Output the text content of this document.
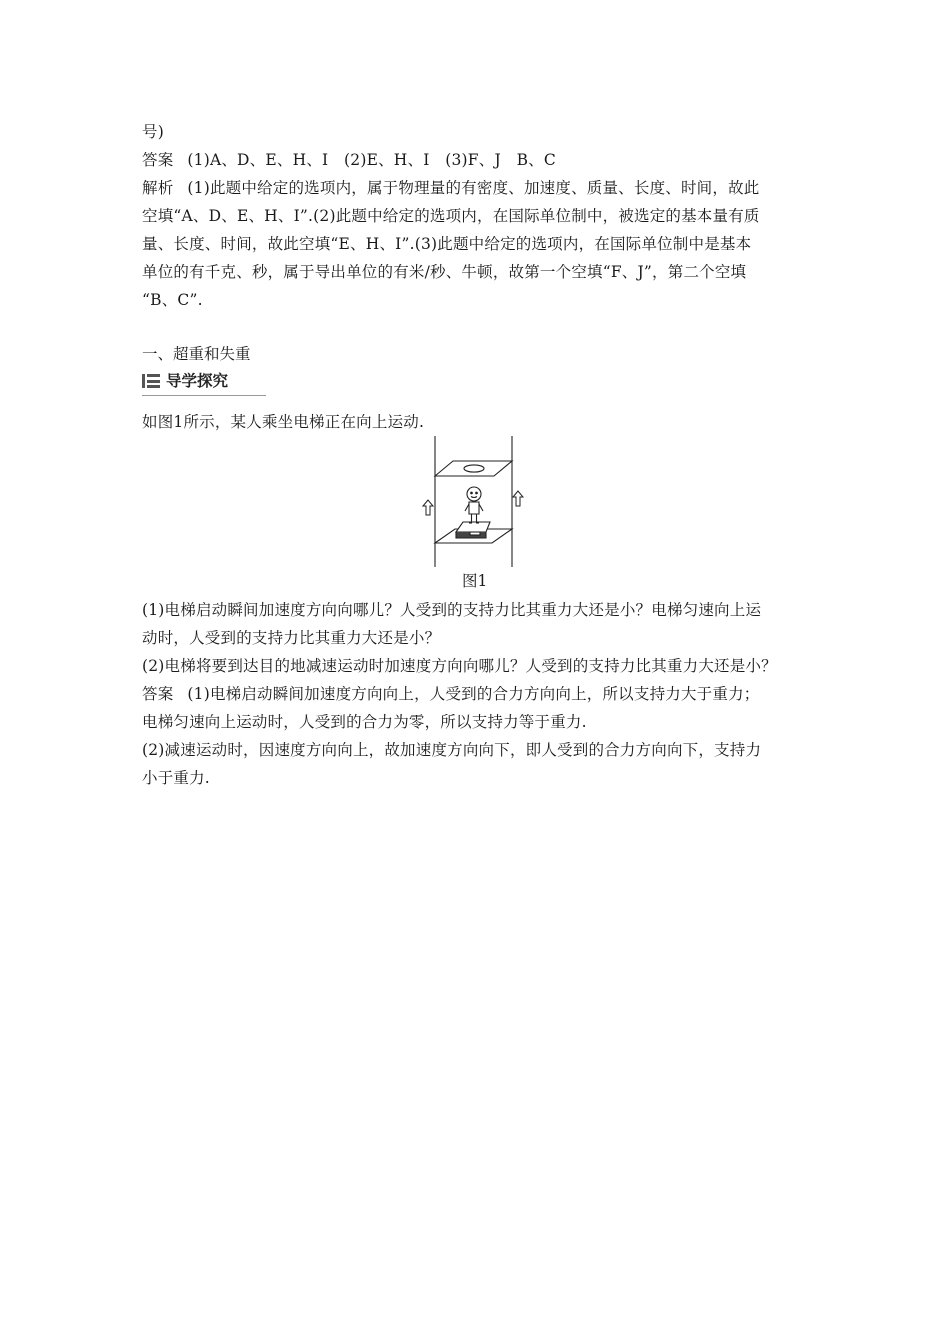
号)
答案 (1)A、D、E、H、I　(2)E、H、I　(3)F、J　B、C
解析 (1)此题中给定的选项内，属于物理量的有密度、加速度、质量、长度、时间，故此
空填“A、D、E、H、I”.(2)此题中给定的选项内，在国际单位制中，被选定的基本量有质
量、长度、时间，故此空填“E、H、I”.(3)此题中给定的选项内，在国际单位制中是基本
单位的有千克、秒，属于导出单位的有米/秒、牛顿，故第一个空填“F、J”，第二个空填
“B、C”.
一、超重和失重
导学探究
如图1所示，某人乘坐电梯正在向上运动.
图1
(1)电梯启动瞬间加速度方向向哪儿？人受到的支持力比其重力大还是小？电梯匀速向上运
动时，人受到的支持力比其重力大还是小？
(2)电梯将要到达目的地减速运动时加速度方向向哪儿？人受到的支持力比其重力大还是小？
答案 (1)电梯启动瞬间加速度方向向上，人受到的合力方向向上，所以支持力大于重力；
电梯匀速向上运动时，人受到的合力为零，所以支持力等于重力.
(2)减速运动时，因速度方向向上，故加速度方向向下，即人受到的合力方向向下，支持力
小于重力.
